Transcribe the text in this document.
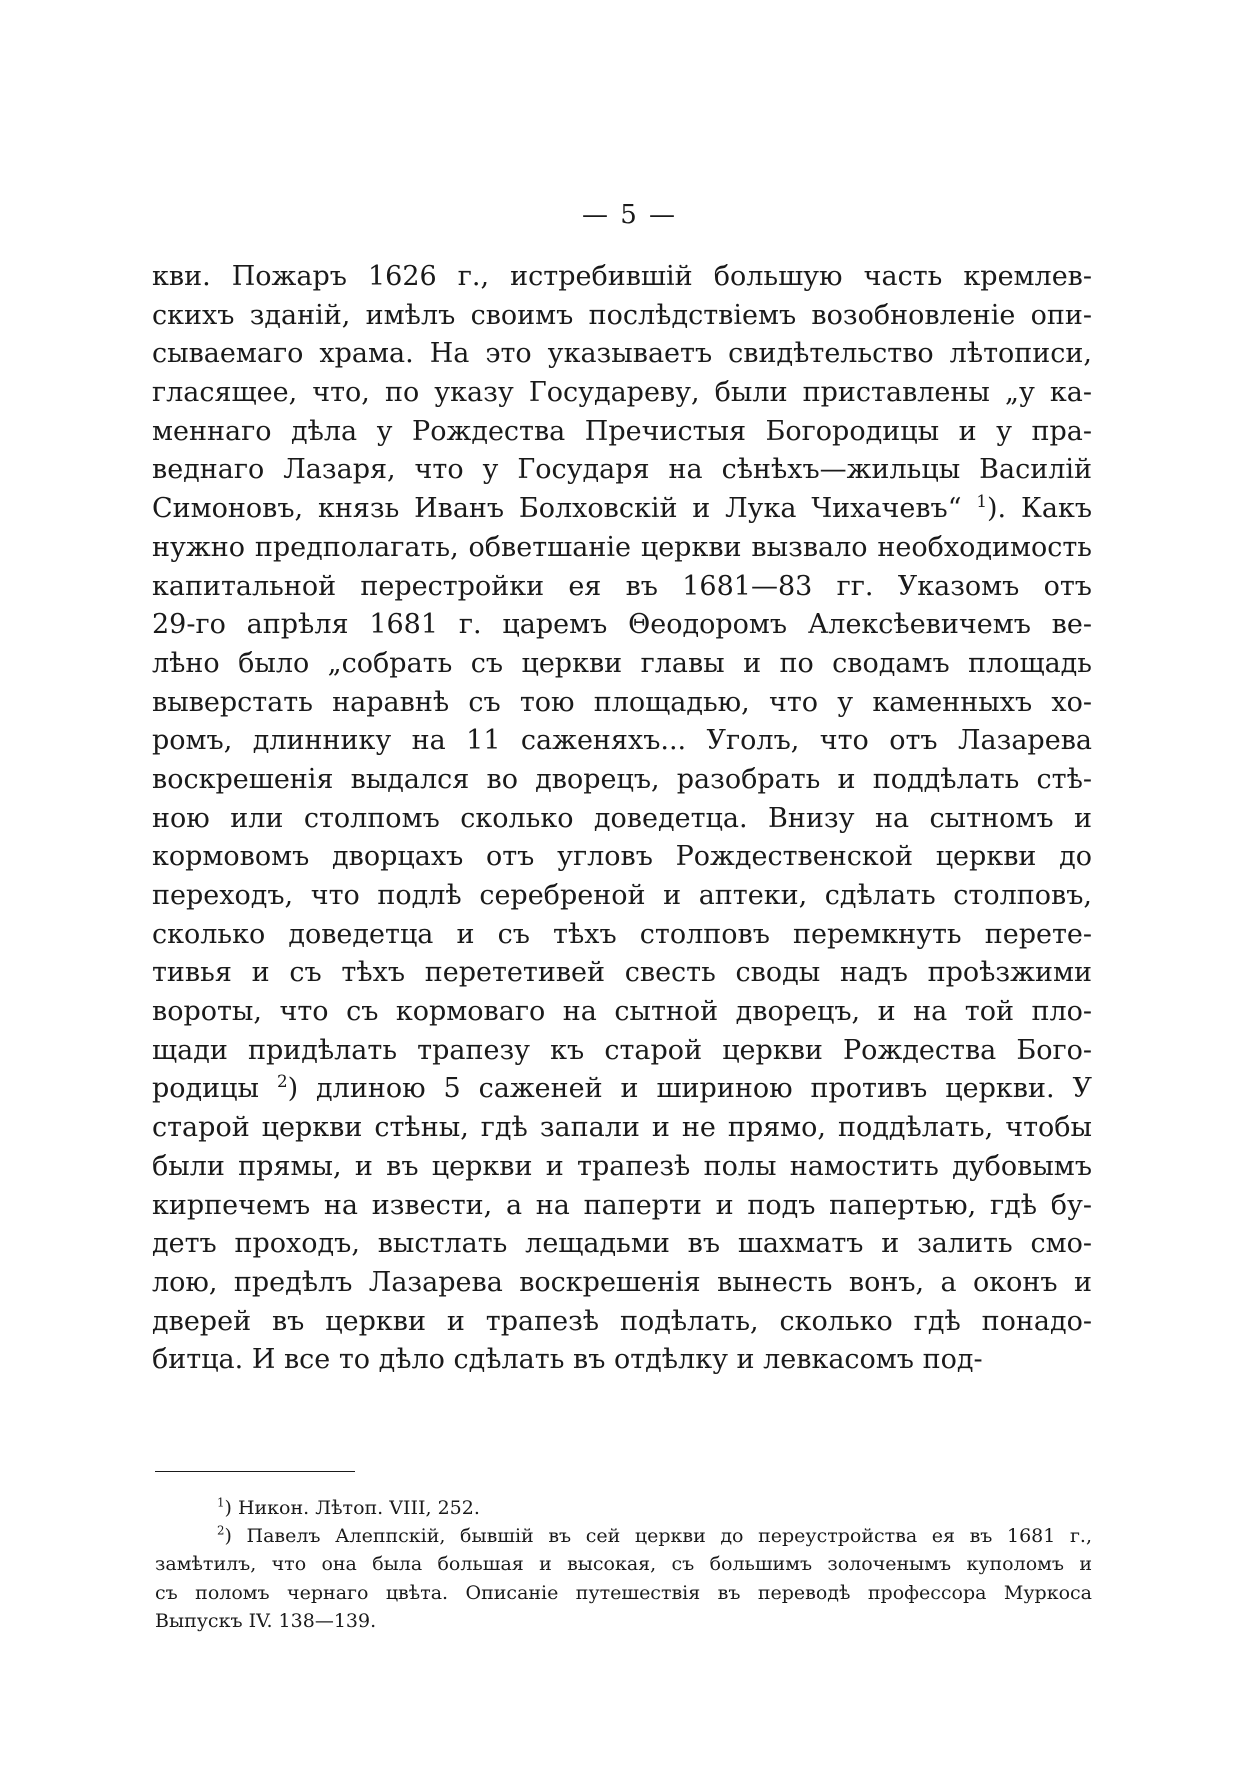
— 5 —
кви. Пожаръ 1626 г., истребившій большую часть кремлев-
скихъ зданій, имѣлъ своимъ послѣдствіемъ возобновленіе опи-
сываемаго храма. На это указываетъ свидѣтельство лѣтописи,
гласящее, что, по указу Государеву, были приставлены „у ка-
меннаго дѣла у Рождества Пречистыя Богородицы и у пра-
веднаго Лазаря, что у Государя на сѣнѣхъ—жильцы Василій
Симоновъ, князь Иванъ Болховскій и Лука Чихачевъ“ $^1$). Какъ
нужно предполагать, обветшаніе церкви вызвало необходимость
капитальной перестройки ея въ 1681—83 гг. Указомъ отъ
29-го апрѣля 1681 г. царемъ Θеодоромъ Алексѣевичемъ ве-
лѣно было „собрать съ церкви главы и по сводамъ площадь
выверстать наравнѣ съ тою площадью, что у каменныхъ хо-
ромъ, длиннику на 11 саженяхъ... Уголъ, что отъ Лазарева
воскрешенія выдался во дворецъ, разобрать и поддѣлать стѣ-
ною или столпомъ сколько доведетца. Внизу на сытномъ и
кормовомъ дворцахъ отъ угловъ Рождественской церкви до
переходъ, что подлѣ серебреной и аптеки, сдѣлать столповъ,
сколько доведетца и съ тѣхъ столповъ перемкнуть перете-
тивья и съ тѣхъ перететивей свесть своды надъ проѣзжими
вороты, что съ кормоваго на сытной дворецъ, и на той пло-
щади придѣлать трапезу къ старой церкви Рождества Бого-
родицы $^2$) длиною 5 саженей и шириною противъ церкви. У
старой церкви стѣны, гдѣ запали и не прямо, поддѣлать, чтобы
были прямы, и въ церкви и трапезѣ полы намостить дубовымъ
кирпечемъ на извести, а на паперти и подъ папертью, гдѣ бу-
детъ проходъ, выстлать лещадьми въ шахматъ и залить смо-
лою, предѣлъ Лазарева воскрешенія вынесть вонъ, а оконъ и
дверей въ церкви и трапезѣ подѣлать, сколько гдѣ понадо-
битца. И все то дѣло сдѣлать въ отдѣлку и левкасомъ под-
$^1$) Никон. Лѣтоп. VIII, 252.
$^2$) Павелъ Алеппскій, бывшій въ сей церкви до переустройства ея въ 1681 г.,
замѣтилъ, что она была большая и высокая, съ большимъ золоченымъ куполомъ и
съ поломъ чернаго цвѣта. Описаніе путешествія въ переводѣ профессора Муркоса
Выпускъ IV. 138—139.
